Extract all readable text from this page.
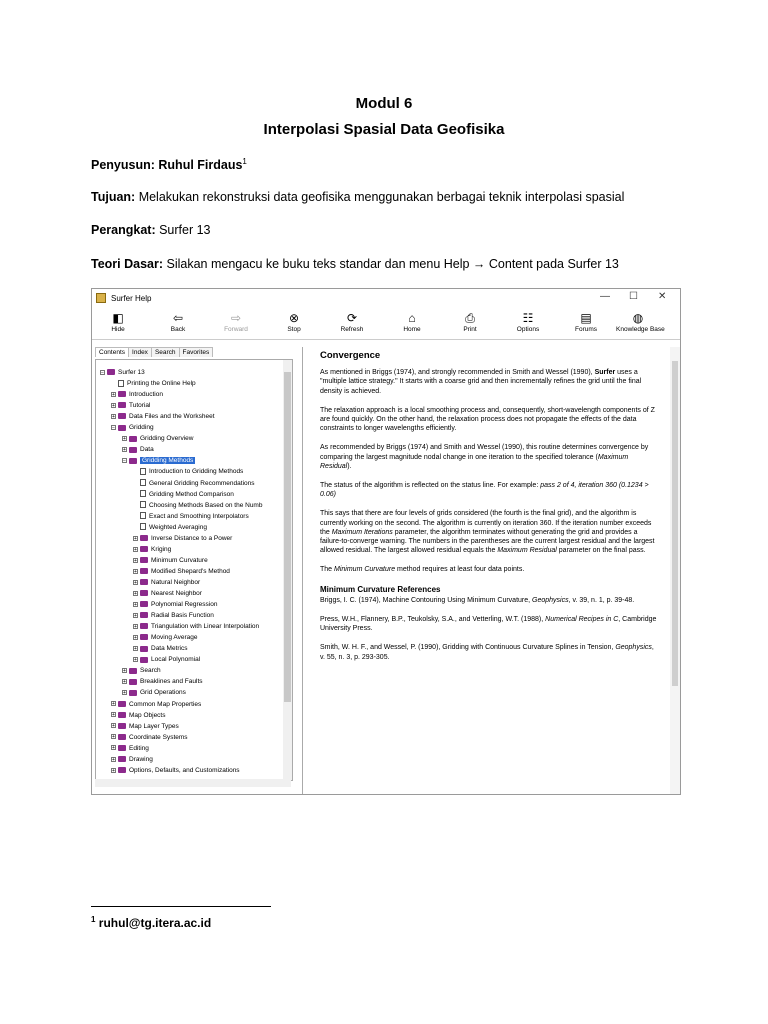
Modul 6
Interpolasi Spasial Data Geofisika
Penyusun: Ruhul Firdaus$^1$
Tujuan: Melakukan rekonstruksi data geofisika menggunakan berbagai teknik interpolasi spasial
Perangkat: Surfer 13
Teori Dasar: Silakan mengacu ke buku teks standar dan menu Help → Content pada Surfer 13
Surfer Help	— ☐ ✕
◧
Hide
⇦
Back
⇨
Forward
⊗
Stop
⟳
Refresh
⌂
Home
⎙
Print
☷
Options
▤
Forums
◍
Knowledge Base
Contents Index Search Favorites
− Surfer 13
Printing the Online Help
+ Introduction
+ Tutorial
+ Data Files and the Worksheet
− Gridding
+ Gridding Overview
+ Data
− Gridding Methods
Introduction to Gridding Methods
General Gridding Recommendations
Gridding Method Comparison
Choosing Methods Based on the Numb
Exact and Smoothing Interpolators
Weighted Averaging
+ Inverse Distance to a Power
+ Kriging
+ Minimum Curvature
+ Modified Shepard's Method
+ Natural Neighbor
+ Nearest Neighbor
+ Polynomial Regression
+ Radial Basis Function
+ Triangulation with Linear Interpolation
+ Moving Average
+ Data Metrics
+ Local Polynomial
+ Search
+ Breaklines and Faults
+ Grid Operations
+ Common Map Properties
+ Map Objects
+ Map Layer Types
+ Coordinate Systems
+ Editing
+ Drawing
+ Options, Defaults, and Customizations
Convergence

As mentioned in Briggs (1974), and strongly recommended in Smith and Wessel (1990), Surfer uses a "multiple lattice strategy." It starts with a coarse grid and then incrementally refines the grid until the final density is achieved.

The relaxation approach is a local smoothing process and, consequently, short-wavelength components of Z are found quickly. On the other hand, the relaxation process does not propagate the effects of the data constraints to longer wavelengths efficiently.

As recommended by Briggs (1974) and Smith and Wessel (1990), this routine determines convergence by comparing the largest magnitude nodal change in one iteration to the specified tolerance (Maximum Residual).

The status of the algorithm is reflected on the status line. For example: pass 2 of 4, iteration 360 (0.1234 > 0.06)

This says that there are four levels of grids considered (the fourth is the final grid), and the algorithm is currently working on the second. The algorithm is currently on iteration 360. If the iteration number exceeds the Maximum Iterations parameter, the algorithm terminates without generating the grid and provides a failure-to-converge warning. The numbers in the parentheses are the current largest residual and the largest allowed residual. The largest allowed residual equals the Maximum Residual parameter on the final pass.

The Minimum Curvature method requires at least four data points.

Minimum Curvature References

Briggs, I. C. (1974), Machine Contouring Using Minimum Curvature, Geophysics, v. 39, n. 1, p. 39-48.

Press, W.H., Flannery, B.P., Teukolsky, S.A., and Vetterling, W.T. (1988), Numerical Recipes in C, Cambridge University Press.

Smith, W. H. F., and Wessel, P. (1990), Gridding with Continuous Curvature Splines in Tension, Geophysics, v. 55, n. 3, p. 293-305.

$^1$ ruhul@tg.itera.ac.id
